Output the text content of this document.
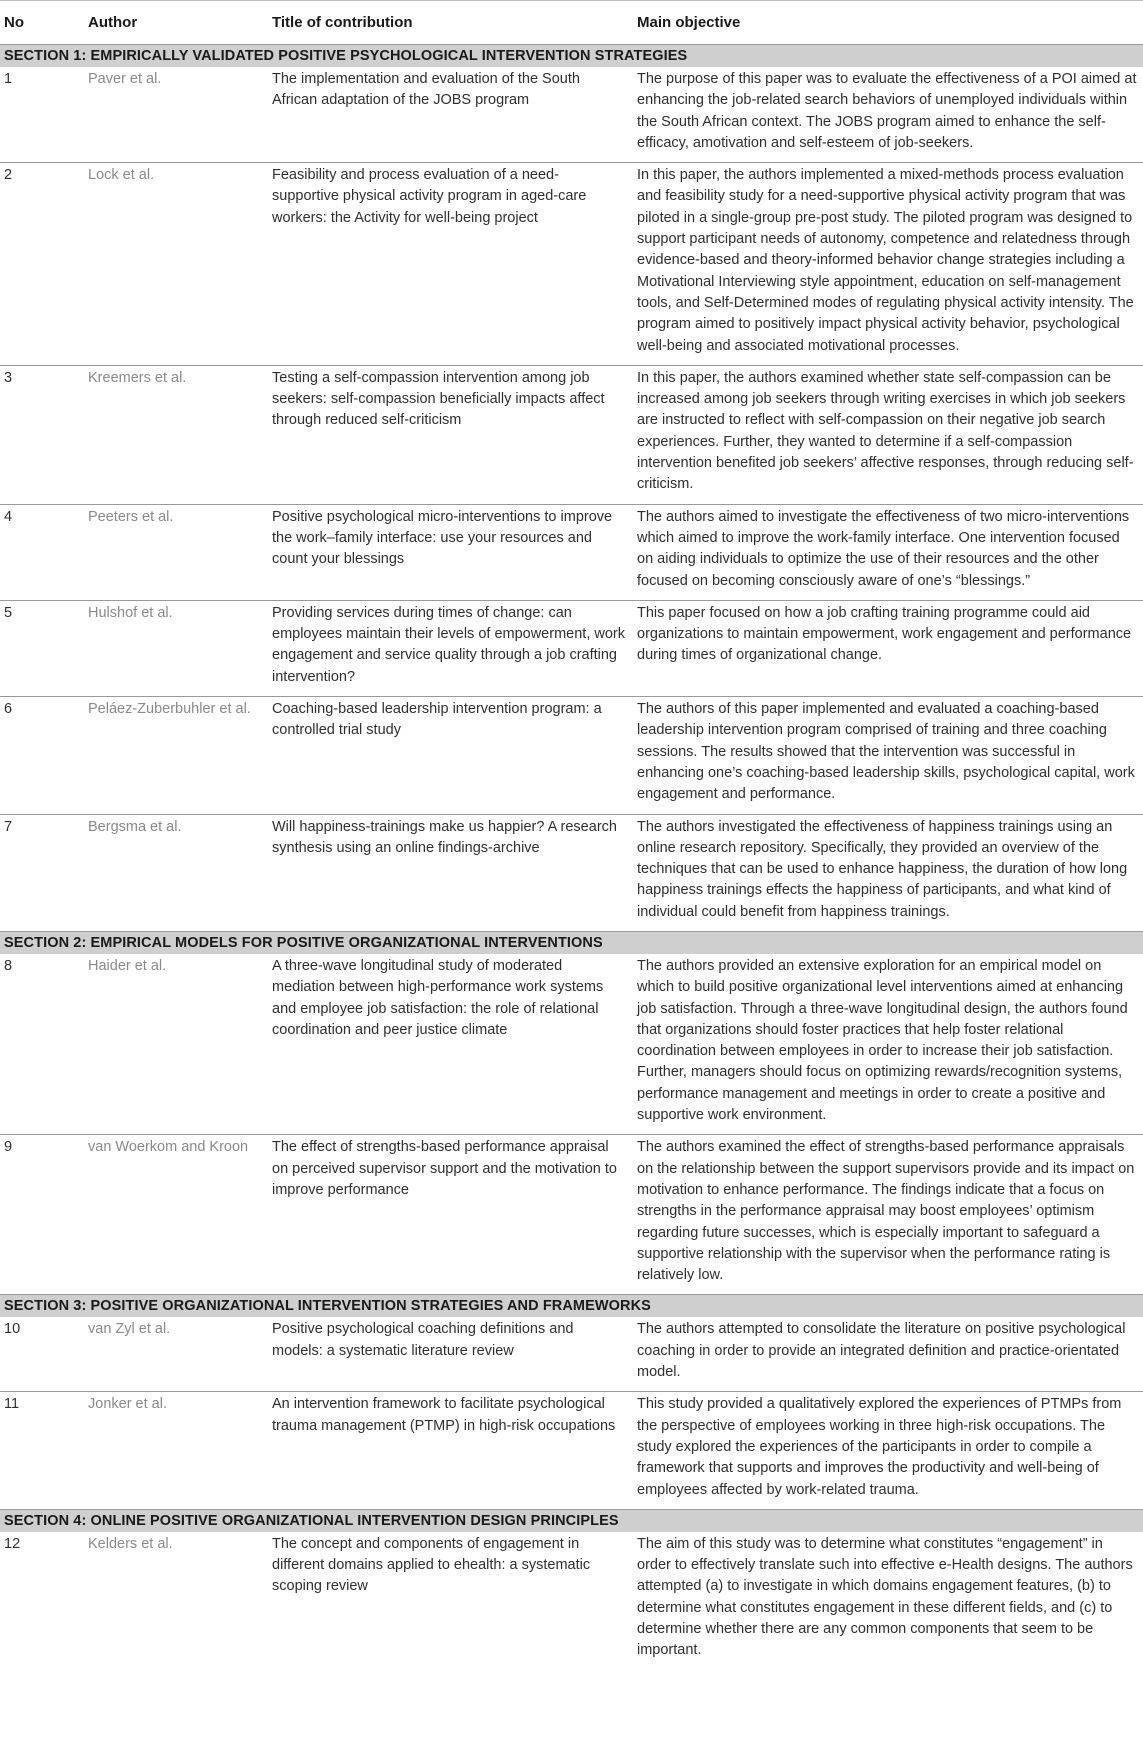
No	Author	Title of contribution	Main objective
SECTION 1: EMPIRICALLY VALIDATED POSITIVE PSYCHOLOGICAL INTERVENTION STRATEGIES			
1	Paver et al.	The implementation and evaluation of the South African adaptation of the JOBS program	The purpose of this paper was to evaluate the effectiveness of a POI aimed at enhancing the job-related search behaviors of unemployed individuals within the South African context. The JOBS program aimed to enhance the self-efficacy, amotivation and self-esteem of job-seekers.
2	Lock et al.	Feasibility and process evaluation of a need-supportive physical activity program in aged-care workers: the Activity for well-being project	In this paper, the authors implemented a mixed-methods process evaluation and feasibility study for a need-supportive physical activity program that was piloted in a single-group pre-post study. The piloted program was designed to support participant needs of autonomy, competence and relatedness through evidence-based and theory-informed behavior change strategies including a Motivational Interviewing style appointment, education on self-management tools, and Self-Determined modes of regulating physical activity intensity. The program aimed to positively impact physical activity behavior, psychological well-being and associated motivational processes.
3	Kreemers et al.	Testing a self-compassion intervention among job seekers: self-compassion beneficially impacts affect through reduced self-criticism	In this paper, the authors examined whether state self-compassion can be increased among job seekers through writing exercises in which job seekers are instructed to reflect with self-compassion on their negative job search experiences. Further, they wanted to determine if a self-compassion intervention benefited job seekers’ affective responses, through reducing self-criticism.
4	Peeters et al.	Positive psychological micro-interventions to improve the work–family interface: use your resources and count your blessings	The authors aimed to investigate the effectiveness of two micro-interventions which aimed to improve the work-family interface. One intervention focused on aiding individuals to optimize the use of their resources and the other focused on becoming consciously aware of one’s “blessings.”
5	Hulshof et al.	Providing services during times of change: can employees maintain their levels of empowerment, work engagement and service quality through a job crafting intervention?	This paper focused on how a job crafting training programme could aid organizations to maintain empowerment, work engagement and performance during times of organizational change.
6	Peláez-Zuberbuhler et al.	Coaching-based leadership intervention program: a controlled trial study	The authors of this paper implemented and evaluated a coaching-based leadership intervention program comprised of training and three coaching sessions. The results showed that the intervention was successful in enhancing one’s coaching-based leadership skills, psychological capital, work engagement and performance.
7	Bergsma et al.	Will happiness-trainings make us happier? A research synthesis using an online findings-archive	The authors investigated the effectiveness of happiness trainings using an online research repository. Specifically, they provided an overview of the techniques that can be used to enhance happiness, the duration of how long happiness trainings effects the happiness of participants, and what kind of individual could benefit from happiness trainings.
SECTION 2: EMPIRICAL MODELS FOR POSITIVE ORGANIZATIONAL INTERVENTIONS			
8	Haider et al.	A three-wave longitudinal study of moderated mediation between high-performance work systems and employee job satisfaction: the role of relational coordination and peer justice climate	The authors provided an extensive exploration for an empirical model on which to build positive organizational level interventions aimed at enhancing job satisfaction. Through a three-wave longitudinal design, the authors found that organizations should foster practices that help foster relational coordination between employees in order to increase their job satisfaction. Further, managers should focus on optimizing rewards/recognition systems, performance management and meetings in order to create a positive and supportive work environment.
9	van Woerkom and Kroon	The effect of strengths-based performance appraisal on perceived supervisor support and the motivation to improve performance	The authors examined the effect of strengths-based performance appraisals on the relationship between the support supervisors provide and its impact on motivation to enhance performance. The findings indicate that a focus on strengths in the performance appraisal may boost employees’ optimism regarding future successes, which is especially important to safeguard a supportive relationship with the supervisor when the performance rating is relatively low.
SECTION 3: POSITIVE ORGANIZATIONAL INTERVENTION STRATEGIES AND FRAMEWORKS			
10	van Zyl et al.	Positive psychological coaching definitions and models: a systematic literature review	The authors attempted to consolidate the literature on positive psychological coaching in order to provide an integrated definition and practice-orientated model.
11	Jonker et al.	An intervention framework to facilitate psychological trauma management (PTMP) in high-risk occupations	This study provided a qualitatively explored the experiences of PTMPs from the perspective of employees working in three high-risk occupations. The study explored the experiences of the participants in order to compile a framework that supports and improves the productivity and well-being of employees affected by work-related trauma.
SECTION 4: ONLINE POSITIVE ORGANIZATIONAL INTERVENTION DESIGN PRINCIPLES			
12	Kelders et al.	The concept and components of engagement in different domains applied to ehealth: a systematic scoping review	The aim of this study was to determine what constitutes “engagement” in order to effectively translate such into effective e-Health designs. The authors attempted (a) to investigate in which domains engagement features, (b) to determine what constitutes engagement in these different fields, and (c) to determine whether there are any common components that seem to be important.
